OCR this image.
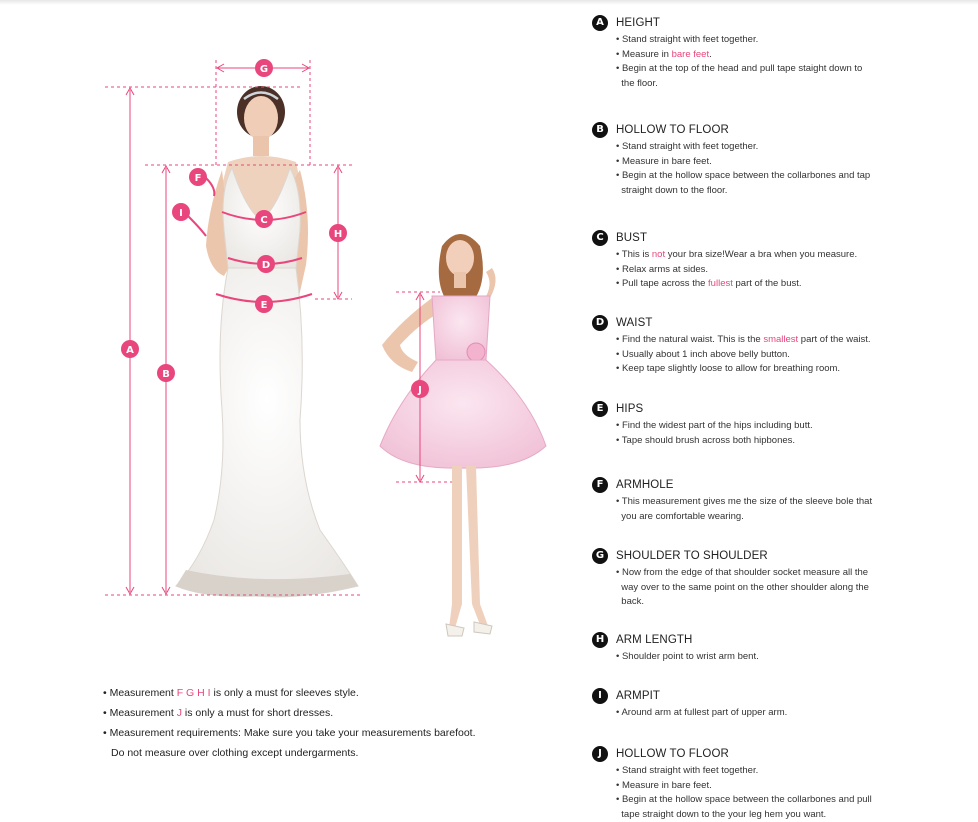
A
B
C
D
E
F
G
H
I
J
A	HEIGHT
• Stand straight with feet together.
• Measure in bare feet.
• Begin at the top of the head and pull tape staight down to
the floor.
B	HOLLOW TO FLOOR
• Stand straight with feet together.
• Measure in bare feet.
• Begin at the hollow space between the collarbones and tap
straight down to the floor.
C	BUST
• This is not your bra size!Wear a bra when you measure.
• Relax arms at sides.
• Pull tape across the fullest part of the bust.
D	WAIST
• Find the natural waist. This is the smallest part of the waist.
• Usually about 1 inch above belly button.
• Keep tape slightly loose to allow for breathing room.
E	HIPS
• Find the widest part of the hips including butt.
• Tape should brush across both hipbones.
F	ARMHOLE
• This measurement gives me the size of the sleeve bole that
you are comfortable wearing.
G	SHOULDER TO SHOULDER
• Now from the edge of that shoulder socket measure all the
way over to the same point on the other shoulder along the
back.
H	ARM LENGTH
• Shoulder point to wrist arm bent.
I	ARMPIT
• Around arm at fullest part of upper arm.
J	HOLLOW TO FLOOR
• Stand straight with feet together.
• Measure in bare feet.
• Begin at the hollow space between the collarbones and pull
tape straight down to the your leg hem you want.
• Measurement F G H I is only a must for sleeves style.
• Measurement J is only a must for short dresses.
• Measurement requirements: Make sure you take your measurements barefoot.
Do not measure over clothing except undergarments.
